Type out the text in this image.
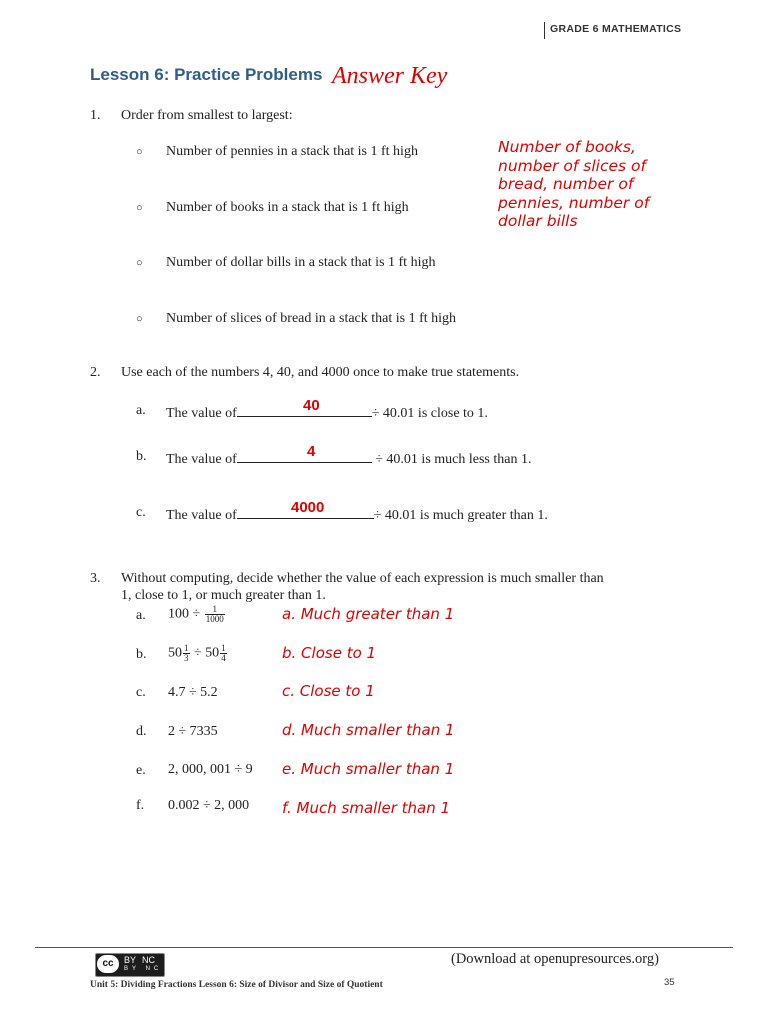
GRADE 6 MATHEMATICS
Lesson 6: Practice Problems Answer Key
1. Order from smallest to largest:
○ Number of pennies in a stack that is 1 ft high
○ Number of books in a stack that is 1 ft high
○ Number of dollar bills in a stack that is 1 ft high
○ Number of slices of bread in a stack that is 1 ft high
Number of books,
number of slices of
bread, number of
pennies, number of
dollar bills
2. Use each of the numbers 4, 40, and 4000 once to make true statements.
a. The value of	÷ 40.01 is close to 1.
40
b. The value of	÷ 40.01 is much less than 1.
4
c. The value of	÷ 40.01 is much greater than 1.
4000
3. Without computing, decide whether the value of each expression is much smaller than
1, close to 1, or much greater than 1.
a. $100 \div \frac{1}{1000}$	a. Much greater than 1
b. $50 \frac{1}{3} \div 50 \frac{1}{4}$	b. Close to 1
c. 4.7 ÷ 5.2	c. Close to 1
d. 2 ÷ 7335	d. Much smaller than 1
e. 2, 000, 001 ÷ 9 e. Much smaller than 1
f. 0.002 ÷ 2, 000 f. Much smaller than 1
cc	BY NC
BY NC
(Download at openupresources.org)
Unit 5: Dividing Fractions Lesson 6: Size of Divisor and Size of Quotient	35
